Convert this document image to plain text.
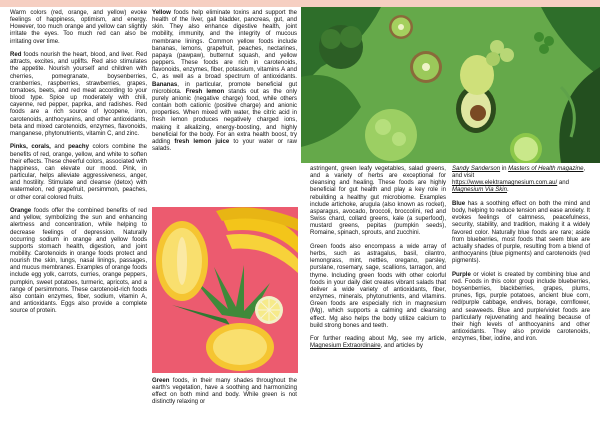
Warm colors (red, orange, and yellow) evoke feelings of happiness, optimism, and energy. However, too much orange and yellow can slightly irritate the eyes. Too much red can also be irritating over time.

Red foods nourish the heart, blood, and liver. Red attracts, excites, and uplifts. Red also stimulates the appetite. Nourish yourself and children with cherries, pomegranate, boysenberries, cranberries, raspberries, strawberries, grapes, tomatoes, beets, and red meat according to your blood type. Spice up moderately with chili, cayenne, red pepper, paprika, and radishes. Red foods are a rich source of lycopene, iron, carotenoids, anthocyanins, and other antioxidants, beta and mixed carotenoids, enzymes, flavonoids, manganese, phytonutrients, vitamin C, and zinc.

Pinks, corals, and peachy colors combine the benefits of red, orange, yellow, and white to soften their effects. These cheerful colors, associated with happiness, can elevate our mood. Pink, in particular, helps alleviate aggressiveness, anger, and hostility. Stimulate and cleanse (detox) with watermelon, red grapefruit, persimmon, peaches, or other coral colored fruits.

Orange foods offer the combined benefits of red and yellow, symbolizing the sun and enhancing alertness and concentration, while helping to decrease feelings of depression. Naturally occurring sodium in orange and yellow foods supports stomach health, digestion, and joint mobility. Carotenoids in orange foods protect and nourish the skin, lungs, nasal linings, passages, and mucus membranes. Examples of orange foods include egg yolk, carrots, curries, orange peppers, pumpkin, sweet potatoes, turmeric, apricots, and a range of persimmons. These carotenoid-rich foods also contain enzymes, fiber, sodium, vitamin A, and antioxidants. Eggs also provide a complete source of protein.

Yellow foods help eliminate toxins and support the health of the liver, gall bladder, pancreas, gut, and skin. They also enhance digestive health, joint mobility, immunity, and the integrity of mucous membrane linings. Common yellow foods include bananas, lemons, grapefruit, peaches, nectarines, papaya (pawpaw), butternut squash, and yellow peppers. These foods are rich in carotenoids, flavonoids, enzymes, fiber, potassium, vitamins A and C, as well as a broad spectrum of antioxidants. Bananas, in particular, promote beneficial gut microbiota. Fresh lemon stands out as the only purely anionic (negative charge) food, while others contain both cationic (positive charge) and anionic properties. When mixed with water, the citric acid in fresh lemon produces negatively charged ions, making it alkalizing, energy-boosting, and highly beneficial for the body. For an extra health boost, try adding fresh lemon juice to your water or raw salads.

Green foods, in their many shades throughout the earth's vegetation, have a soothing and harmonizing effect on both mind and body. While green is not distinctly relaxing or

astringent, green leafy vegetables, salad greens, and a variety of herbs are exceptional for cleansing and healing. These foods are highly beneficial for gut health and play a key role in rebuilding a healthy gut microbiome. Examples include artichoke, arugula (also known as rocket), asparagus, avocado, broccoli, broccolini, red and Swiss chard, collard greens, kale (a superfood), mustard greens, pepitas (pumpkin seeds), Romaine, spinach, sprouts, and zucchini.

Green foods also encompass a wide array of herbs, such as astragalus, basil, cilantro, lemongrass, mint, nettles, oregano, parsley, purslane, rosemary, sage, scallions, tarragon, and thyme. Including green foods with other colorful foods in your daily diet creates vibrant salads that deliver a wide variety of antioxidants, fiber, enzymes, minerals, phytonutrients, and vitamins. Green foods are especially rich in magnesium (Mg), which supports a calming and cleansing effect. Mg also helps the body utilize calcium to build strong bones and teeth.

For further reading about Mg, see my article, Magnesium Extraordinaire, and articles by

Sandy Sanderson in Masters of Health magazine, and visit
https://www.elektramagnesium.com.au/ and Magnesium Via Skin.

Blue has a soothing effect on both the mind and body, helping to reduce tension and ease anxiety. It evokes feelings of calmness, peacefulness, security, stability, and tradition, making it a widely favored color. Naturally blue foods are rare; aside from blueberries, most foods that seem blue are actually shades of purple, resulting from a blend of anthocyanins (blue pigments) and carotenoids (red pigments).

Purple or violet is created by combining blue and red. Foods in this color group include blueberries, boysenberries, blackberries, grapes, plums, prunes, figs, purple potatoes, ancient blue corn, red/purple cabbage, endives, borage, cornflower, and seaweeds. Blue and purple/violet foods are particularly rejuvenating and healing because of their high levels of anthocyanins and other antioxidants. They also provide carotenoids, enzymes, fiber, iodine, and iron.
